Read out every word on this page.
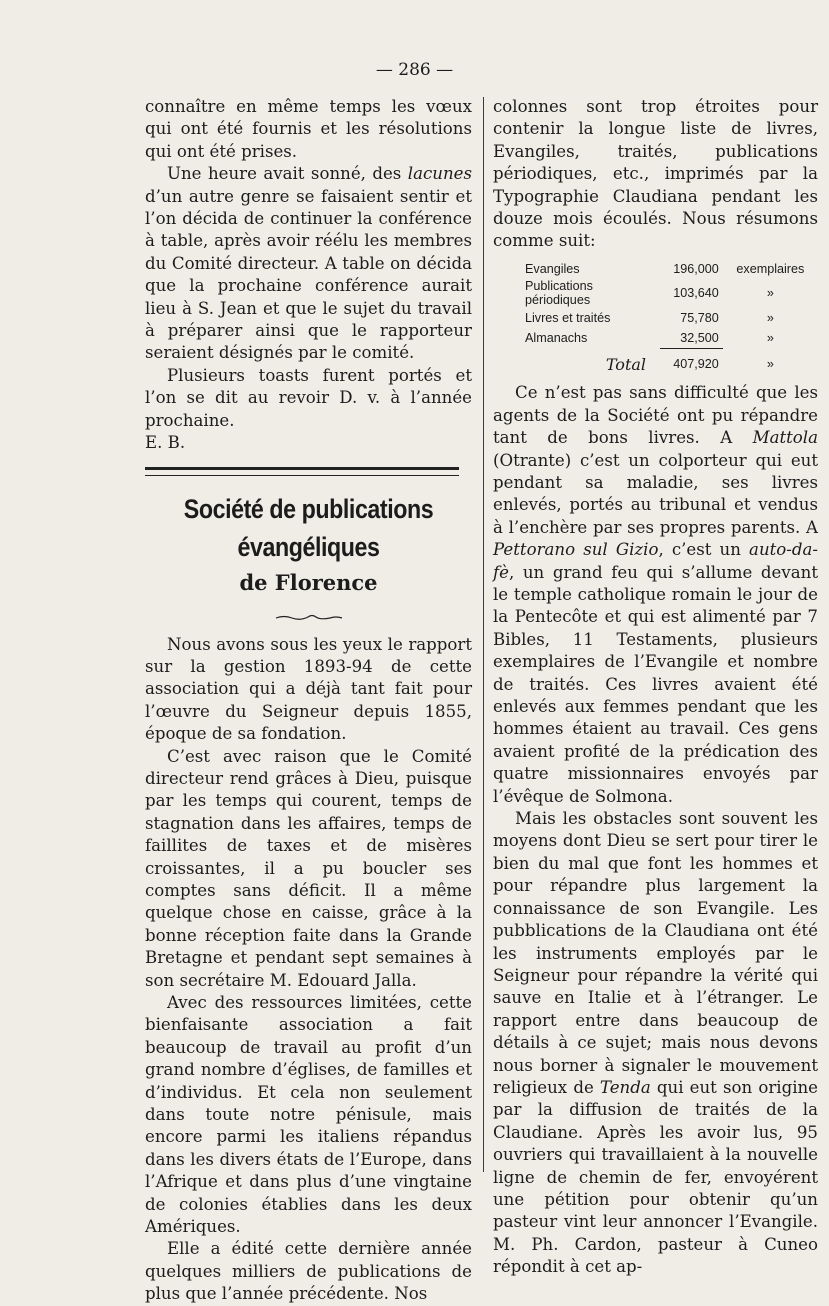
— 286 —

connaître en même temps les vœux qui ont été fournis et les résolutions qui ont été prises.

Une heure avait sonné, des lacunes d’un autre genre se faisaient sentir et l’on décida de continuer la conférence à table, après avoir réélu les membres du Comité directeur. A table on décida que la prochaine conférence aurait lieu à S. Jean et que le sujet du travail à préparer ainsi que le rapporteur seraient désignés par le comité.

Plusieurs toasts furent portés et l’on se dit au revoir D. v. à l’année prochaine.

E. B.

Société de publications évangéliques
de Florence

Nous avons sous les yeux le rapport sur la gestion 1893-94 de cette association qui a déjà tant fait pour l’œuvre du Seigneur depuis 1855, époque de sa fondation.

C’est avec raison que le Comité directeur rend grâces à Dieu, puisque par les temps qui courent, temps de stagnation dans les affaires, temps de faillites de taxes et de misères croissantes, il a pu boucler ses comptes sans déficit. Il a même quelque chose en caisse, grâce à la bonne réception faite dans la Grande Bretagne et pendant sept semaines à son secrétaire M. Edouard Jalla.

Avec des ressources limitées, cette bienfaisante association a fait beaucoup de travail au profit d’un grand nombre d’églises, de familles et d’individus. Et cela non seulement dans toute notre pénisule, mais encore parmi les italiens répandus dans les divers états de l’Europe, dans l’Afrique et dans plus d’une vingtaine de colonies établies dans les deux Amériques.

Elle a édité cette dernière année quelques milliers de publications de plus que l’année précédente. Nos

colonnes sont trop étroites pour contenir la longue liste de livres, Evangiles, traités, publications périodiques, etc., imprimés par la Typographie Claudiana pendant les douze mois écoulés. Nous résumons comme suit:

Evangiles	196,000	exemplaires
Publications périodiques	103,640	»
Livres et traités	75,780	»
Almanachs	32,500	»
Total	407,920	»

Ce n’est pas sans difficulté que les agents de la Société ont pu répandre tant de bons livres. A Mattola (Otrante) c’est un colporteur qui eut pendant sa maladie, ses livres enlevés, portés au tribunal et vendus à l’enchère par ses propres parents. A Pettorano sul Gizio, c’est un auto-da-fè, un grand feu qui s’allume devant le temple catholique romain le jour de la Pentecôte et qui est alimenté par 7 Bibles, 11 Testaments, plusieurs exemplaires de l’Evangile et nombre de traités. Ces livres avaient été enlevés aux femmes pendant que les hommes étaient au travail. Ces gens avaient profité de la prédication des quatre missionnaires envoyés par l’évêque de Solmona.

Mais les obstacles sont souvent les moyens dont Dieu se sert pour tirer le bien du mal que font les hommes et pour répandre plus largement la connaissance de son Evangile. Les pubblications de la Claudiana ont été les instruments employés par le Seigneur pour répandre la vérité qui sauve en Italie et à l’étranger. Le rapport entre dans beaucoup de détails à ce sujet; mais nous devons nous borner à signaler le mouvement religieux de Tenda qui eut son origine par la diffusion de traités de la Claudiane. Après les avoir lus, 95 ouvriers qui travaillaient à la nouvelle ligne de chemin de fer, envoyérent une pétition pour obtenir qu’un pasteur vint leur annoncer l’Evangile. M. Ph. Cardon, pasteur à Cuneo répondit à cet ap-
